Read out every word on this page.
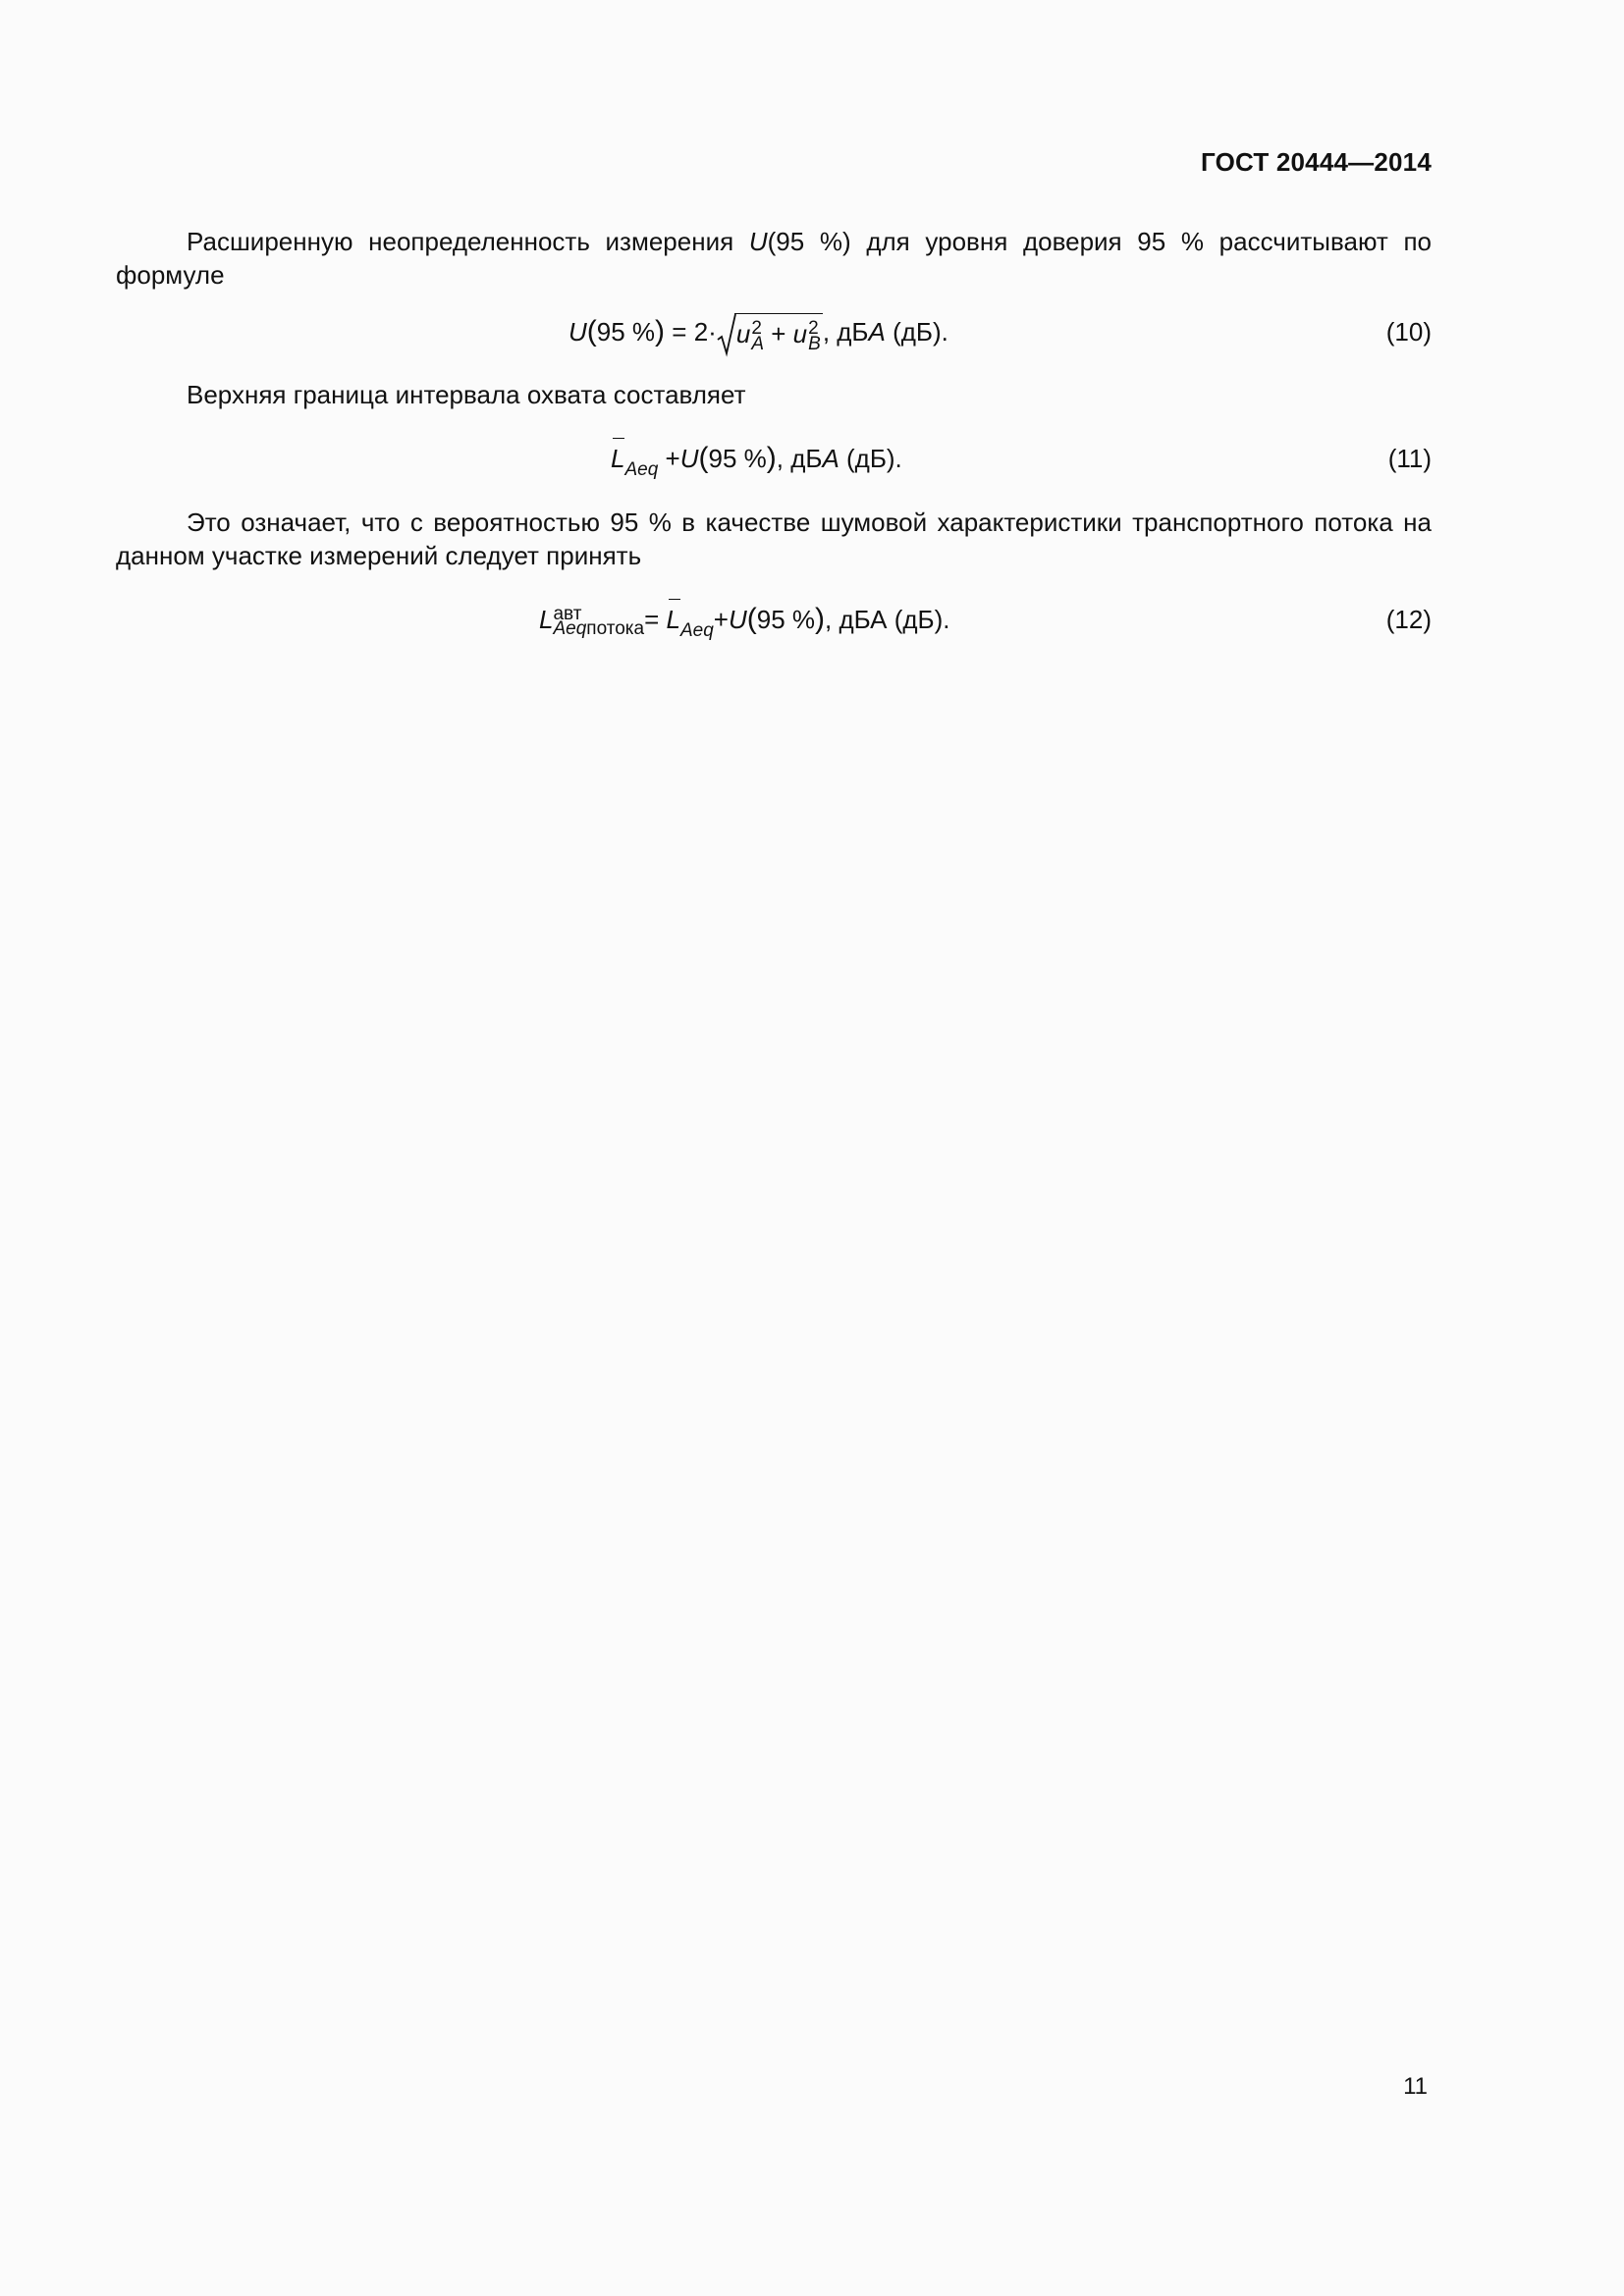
ГОСТ 20444—2014
Расширенную неопределенность измерения U(95 %) для уровня доверия 95 % рассчитывают по формуле
U(95 %) = 2· u 2
A + u 2
B , дБA (дБ).	(10)
Верхняя граница интервала охвата составляет
$L_{Aeq} +U(95$ %), дБA (дБ).	(11)
Это означает, что с вероятностью 95 % в качестве шумовой характеристики транспортного потока на данном участке измерений следует принять
L авт
Aeqпотока = $L_{Aeq}+U(95$ %), дБА (дБ).	(12)
11
